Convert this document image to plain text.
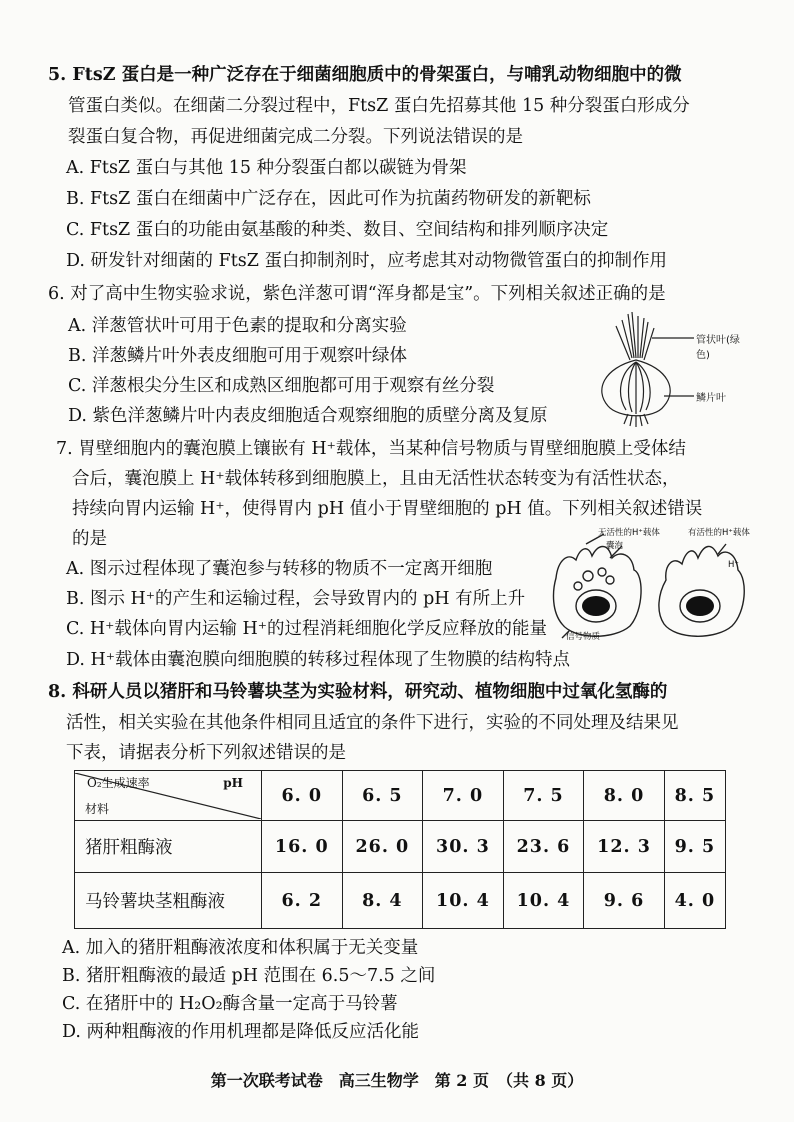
5. FtsZ 蛋白是一种广泛存在于细菌细胞质中的骨架蛋白，与哺乳动物细胞中的微
管蛋白类似。在细菌二分裂过程中，FtsZ 蛋白先招募其他 15 种分裂蛋白形成分
裂蛋白复合物，再促进细菌完成二分裂。下列说法错误的是
A. FtsZ 蛋白与其他 15 种分裂蛋白都以碳链为骨架
B. FtsZ 蛋白在细菌中广泛存在，因此可作为抗菌药物研发的新靶标
C. FtsZ 蛋白的功能由氨基酸的种类、数目、空间结构和排列顺序决定
D. 研发针对细菌的 FtsZ 蛋白抑制剂时，应考虑其对动物微管蛋白的抑制作用
6. 对了高中生物实验求说，紫色洋葱可谓“浑身都是宝”。下列相关叙述正确的是
A. 洋葱管状叶可用于色素的提取和分离实验
B. 洋葱鳞片叶外表皮细胞可用于观察叶绿体
C. 洋葱根尖分生区和成熟区细胞都可用于观察有丝分裂
D. 紫色洋葱鳞片叶内表皮细胞适合观察细胞的质壁分离及复原
管状叶(绿色)
鳞片叶
7. 胃壁细胞内的囊泡膜上镶嵌有 H⁺载体，当某种信号物质与胃壁细胞膜上受体结
合后，囊泡膜上 H⁺载体转移到细胞膜上，且由无活性状态转变为有活性状态，
持续向胃内运输 H⁺，使得胃内 pH 值小于胃壁细胞的 pH 值。下列相关叙述错误
的是
A. 图示过程体现了囊泡参与转移的物质不一定离开细胞
B. 图示 H⁺的产生和运输过程，会导致胃内的 pH 有所上升
C. H⁺载体向胃内运输 H⁺的过程消耗细胞化学反应释放的能量
D. H⁺载体由囊泡膜向细胞膜的转移过程体现了生物膜的结构特点
无活性的H⁺载体
囊泡
有活性的H⁺载体
H⁺
信号物质
8. 科研人员以猪肝和马铃薯块茎为实验材料，研究动、植物细胞中过氧化氢酶的
活性，相关实验在其他条件相同且适宜的条件下进行，实验的不同处理及结果见
下表，请据表分析下列叙述错误的是
O₂生成速率 pH
材料	6. 0	6. 5	7. 0	7. 5	8. 0	8. 5
猪肝粗酶液	16. 0	26. 0	30. 3	23. 6	12. 3	9. 5
马铃薯块茎粗酶液	6. 2	8. 4	10. 4	10. 4	9. 6	4. 0
A. 加入的猪肝粗酶液浓度和体积属于无关变量
B. 猪肝粗酶液的最适 pH 范围在 6.5～7.5 之间
C. 在猪肝中的 H₂O₂酶含量一定高于马铃薯
D. 两种粗酶液的作用机理都是降低反应活化能
第一次联考试卷　高三生物学　第 2 页　（共 8 页）
